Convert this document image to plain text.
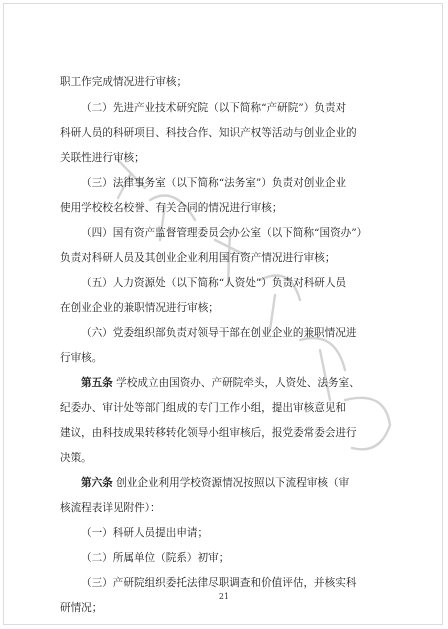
职工作完成情况进行审核；

（二）先进产业技术研究院（以下简称“产研院”）负责对

科研人员的科研项目、科技合作、知识产权等活动与创业企业的

关联性进行审核；

（三）法律事务室（以下简称“法务室”）负责对创业企业

使用学校校名校誉、有关合同的情况进行审核；

（四）国有资产监督管理委员会办公室（以下简称“国资办”）

负责对科研人员及其创业企业利用国有资产情况进行审核；

（五）人力资源处（以下简称“人资处”）负责对科研人员

在创业企业的兼职情况进行审核；

（六）党委组织部负责对领导干部在创业企业的兼职情况进

行审核。

第五条 学校成立由国资办、产研院牵头，人资处、法务室、

纪委办、审计处等部门组成的专门工作小组，提出审核意见和

建议，由科技成果转移转化领导小组审核后，报党委常委会进行

决策。

第六条 创业企业利用学校资源情况按照以下流程审核（审

核流程表详见附件）：

（一）科研人员提出申请；

（二）所属单位（院系）初审；

（三）产研院组织委托法律尽职调查和价值评估，并核实科

研情况；

21
